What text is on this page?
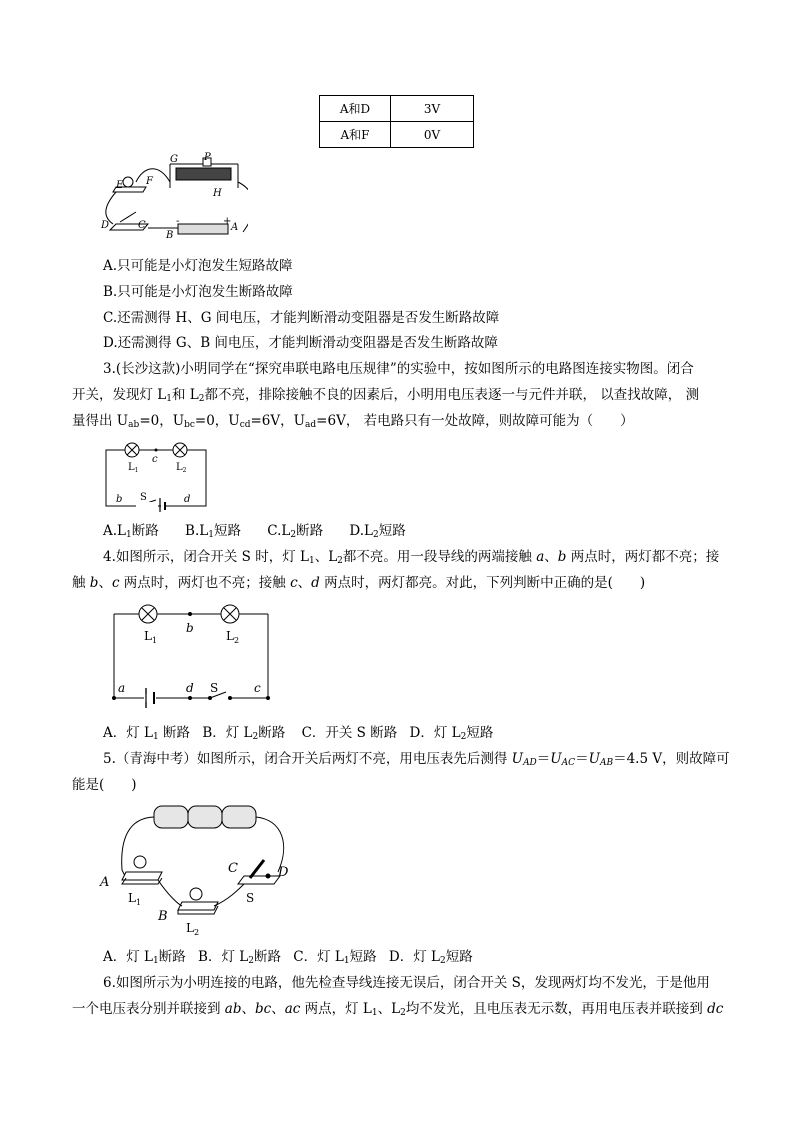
A和D	3V
A和F	0V
G	P
E F
H
D	C
B
-	+
A
A.只可能是小灯泡发生短路故障
B.只可能是小灯泡发生断路故障
C.还需测得 H、G 间电压，才能判断滑动变阻器是否发生断路故障
D.还需测得 G、B 间电压，才能判断滑动变阻器是否发生断路故障
3.(长沙这款)小明同学在“探究串联电路电压规律”的实验中，按如图所示的电路图连接实物图。闭合
开关，发现灯 $L_1$和 $L_2$都不亮，排除接触不良的因素后，小明用电压表逐一与元件并联， 以查找故障， 测
量得出 $U_{ab}=0$，$U_{bc}=0$，$U_{cd}=6V$，$U_{ad}=6V$， 若电路只有一处故障，则故障可能为（　　）
$L_1$	$L_2$
c
b S	d
$A.L_1$断路 $B.L_1$短路 $C.L_2$断路 $D.L_2$短路
4.如图所示，闭合开关 S 时，灯 $L_1$、$L_2$都不亮。用一段导线的两端接触 a、b 两点时，两灯都不亮；接
触 b、c 两点时，两灯也不亮；接触 c、d 两点时，两灯都亮。对此，下列判断中正确的是(　　)
$L_1$	$L_2$
b
a	d S	c
A．灯 $L_1$ 断路 B．灯 $L_2$断路 C．开关 S 断路 D．灯 $L_2$短路
5.（青海中考）如图所示，闭合开关后两灯不亮，用电压表先后测得 $U_{AD}=U_{AC}=U_{AB}=4.5$ V，则故障可
能是(　　)
A
B
C	D
$L_1$
$L_2$
S
A．灯 $L_1$断路 B．灯 $L_2$断路 C．灯 $L_1$短路 D．灯 $L_2$短路
6.如图所示为小明连接的电路，他先检查导线连接无误后，闭合开关 S，发现两灯均不发光，于是他用
一个电压表分别并联接到 ab、bc、ac 两点，灯 $L_1$、$L_2$均不发光，且电压表无示数，再用电压表并联接到 dc
